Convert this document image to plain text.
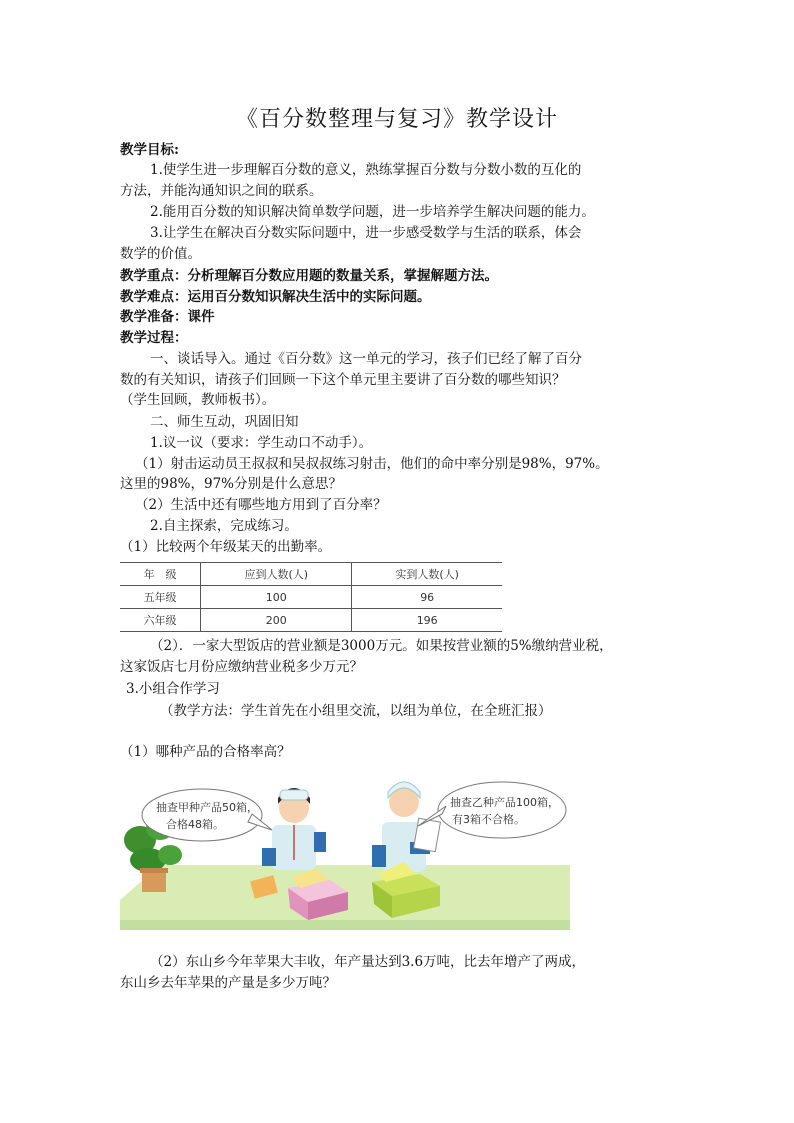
《百分数整理与复习》教学设计
教学目标:
1.使学生进一步理解百分数的意义，熟练掌握百分数与分数小数的互化的
方法，并能沟通知识之间的联系。
2.能用百分数的知识解决简单数学问题，进一步培养学生解决问题的能力。
3.让学生在解决百分数实际问题中，进一步感受数学与生活的联系，体会
数学的价值。
教学重点：分析理解百分数应用题的数量关系，掌握解题方法。
教学难点：运用百分数知识解决生活中的实际问题。
教学准备：课件
教学过程：
一、谈话导入。通过《百分数》这一单元的学习，孩子们已经了解了百分
数的有关知识，请孩子们回顾一下这个单元里主要讲了百分数的哪些知识？
（学生回顾，教师板书）。
二、师生互动，巩固旧知
1.议一议（要求：学生动口不动手）。
（1）射击运动员王叔叔和吴叔叔练习射击，他们的命中率分别是98%，97%。
这里的98%，97%分别是什么意思？
（2）生活中还有哪些地方用到了百分率？
2.自主探索，完成练习。
（1）比较两个年级某天的出勤率。
年　级	应到人数(人)	实到人数(人)
五年级	100	96
六年级	200	196
（2）．一家大型饭店的营业额是3000万元。如果按营业额的5%缴纳营业税，
这家饭店七月份应缴纳营业税多少万元？
3.小组合作学习
（教学方法：学生首先在小组里交流，以组为单位，在全班汇报）
（1）哪种产品的合格率高？
抽查甲种产品50箱，
合格48箱。
抽查乙种产品100箱，
有3箱不合格。
（2）东山乡今年苹果大丰收，年产量达到3.6万吨，比去年增产了两成，
东山乡去年苹果的产量是多少万吨？
